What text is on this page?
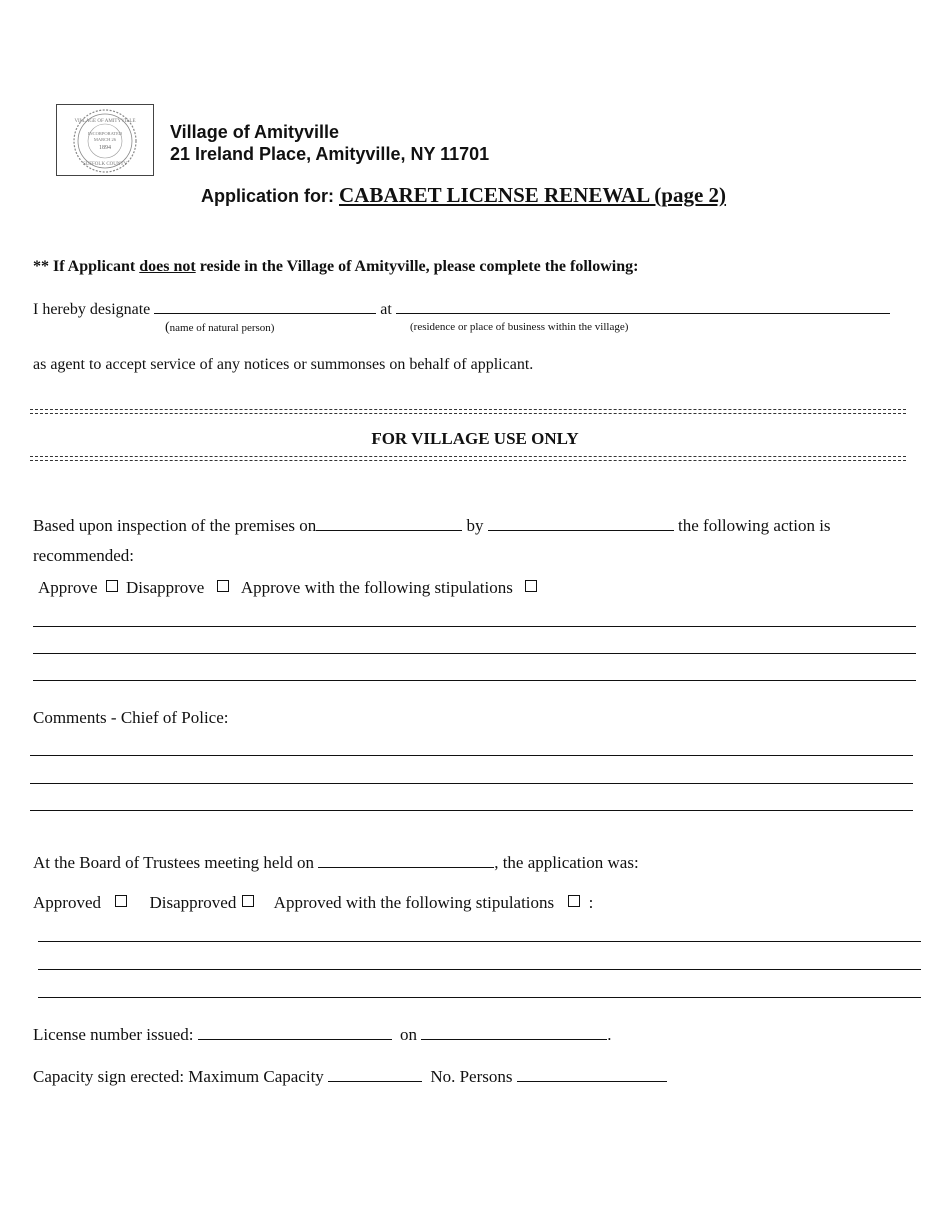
VILLAGE OF AMITYVILLE
INCORPORATED
MARCH 26
1894
SUFFOLK COUNTY
Village of Amityville
21 Ireland Place, Amityville, NY 11701
Application for: CABARET LICENSE RENEWAL (page 2)
** If Applicant does not reside in the Village of Amityville, please complete the following:
I hereby designate	at
(name of natural person)	(residence or place of business within the village)
as agent to accept service of any notices or summonses on behalf of applicant.
FOR VILLAGE USE ONLY
Based upon inspection of the premises on	by	the following action is
recommended:
Approve Disapprove Approve with the following stipulations
Comments - Chief of Police:
At the Board of Trustees meeting held on	, the application was:
Approved	Disapproved Approved with the following stipulations :
License number issued:	on	.
Capacity sign erected: Maximum Capacity	No. Persons
